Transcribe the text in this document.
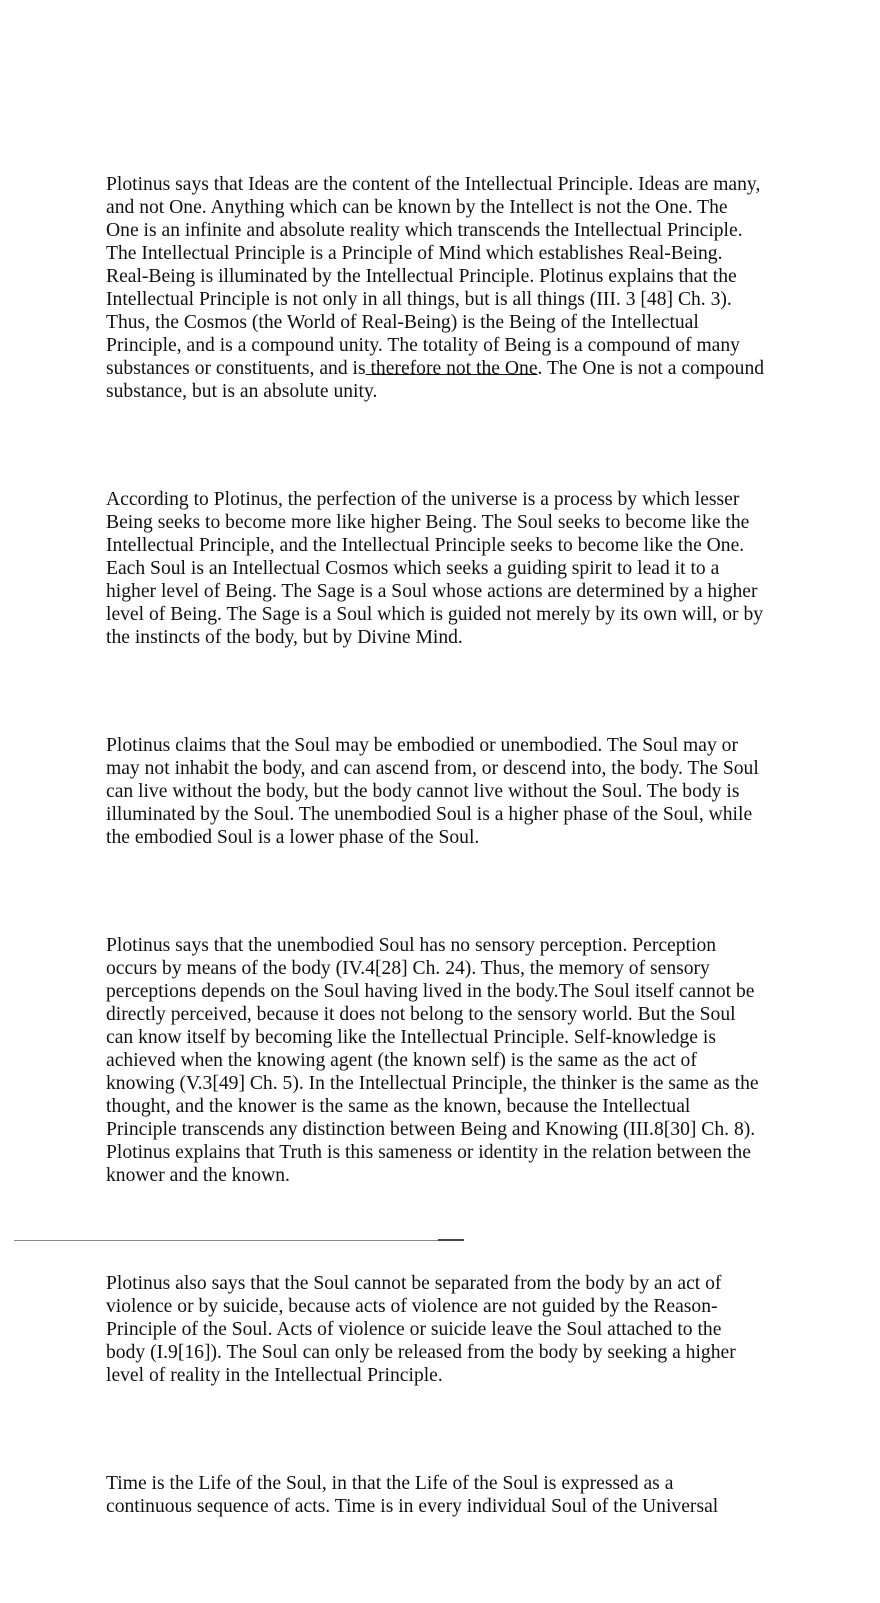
Plotinus says that Ideas are the content of the Intellectual Principle. Ideas are many,
and not One. Anything which can be known by the Intellect is not the One. The
One is an infinite and absolute reality which transcends the Intellectual Principle.
The Intellectual Principle is a Principle of Mind which establishes Real-Being.
Real-Being is illuminated by the Intellectual Principle. Plotinus explains that the
Intellectual Principle is not only in all things, but is all things (III. 3 [48] Ch. 3).
Thus, the Cosmos (the World of Real-Being) is the Being of the Intellectual
Principle, and is a compound unity. The totality of Being is a compound of many
substances or constituents, and is therefore not the One. The One is not a compound
substance, but is an absolute unity.

According to Plotinus, the perfection of the universe is a process by which lesser
Being seeks to become more like higher Being. The Soul seeks to become like the
Intellectual Principle, and the Intellectual Principle seeks to become like the One.
Each Soul is an Intellectual Cosmos which seeks a guiding spirit to lead it to a
higher level of Being. The Sage is a Soul whose actions are determined by a higher
level of Being. The Sage is a Soul which is guided not merely by its own will, or by
the instincts of the body, but by Divine Mind.

Plotinus claims that the Soul may be embodied or unembodied. The Soul may or
may not inhabit the body, and can ascend from, or descend into, the body. The Soul
can live without the body, but the body cannot live without the Soul. The body is
illuminated by the Soul. The unembodied Soul is a higher phase of the Soul, while
the embodied Soul is a lower phase of the Soul.

Plotinus says that the unembodied Soul has no sensory perception. Perception
occurs by means of the body (IV.4[28] Ch. 24). Thus, the memory of sensory
perceptions depends on the Soul having lived in the body.The Soul itself cannot be
directly perceived, because it does not belong to the sensory world. But the Soul
can know itself by becoming like the Intellectual Principle. Self-knowledge is
achieved when the knowing agent (the known self) is the same as the act of
knowing (V.3[49] Ch. 5). In the Intellectual Principle, the thinker is the same as the
thought, and the knower is the same as the known, because the Intellectual
Principle transcends any distinction between Being and Knowing (III.8[30] Ch. 8).
Plotinus explains that Truth is this sameness or identity in the relation between the
knower and the known.

Plotinus also says that the Soul cannot be separated from the body by an act of
violence or by suicide, because acts of violence are not guided by the Reason-
Principle of the Soul. Acts of violence or suicide leave the Soul attached to the
body (I.9[16]). The Soul can only be released from the body by seeking a higher
level of reality in the Intellectual Principle.

Time is the Life of the Soul, in that the Life of the Soul is expressed as a
continuous sequence of acts. Time is in every individual Soul of the Universal
